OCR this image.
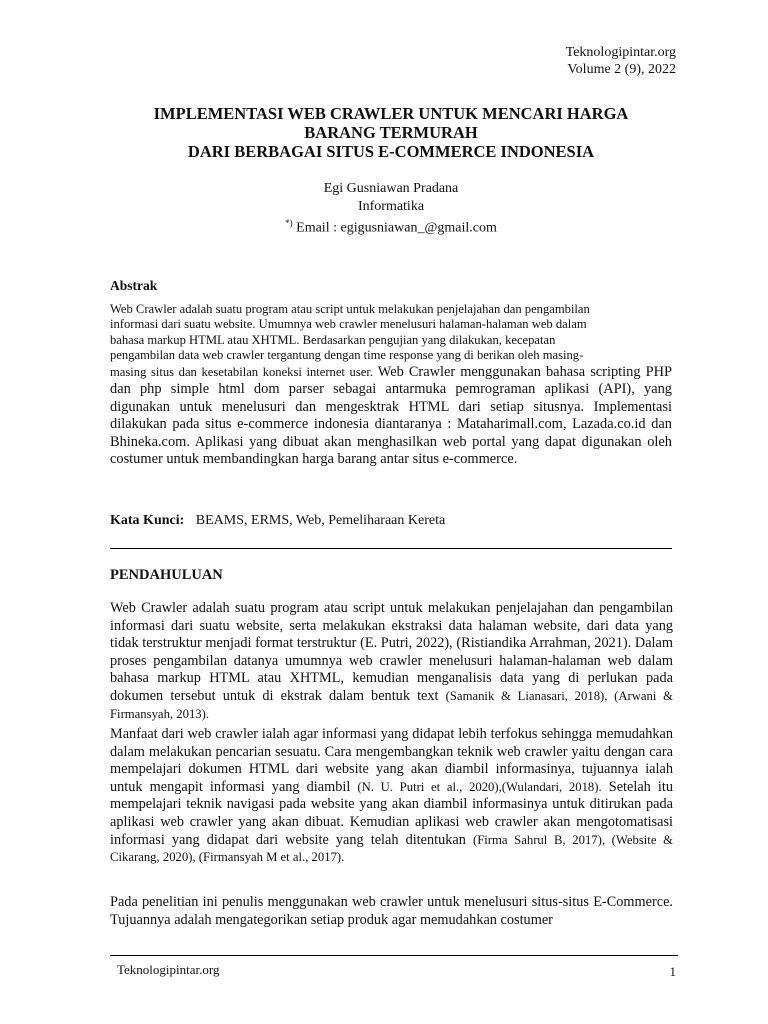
Teknologipintar.org
Volume 2 (9), 2022
IMPLEMENTASI WEB CRAWLER UNTUK MENCARI HARGA
BARANG TERMURAH
DARI BERBAGAI SITUS E-COMMERCE INDONESIA
Egi Gusniawan Pradana
Informatika
*) Email : egigusniawan_@gmail.com
Abstrak
Web Crawler adalah suatu program atau script untuk melakukan penjelajahan dan pengambilan
informasi dari suatu website. Umumnya web crawler menelusuri halaman-halaman web dalam
bahasa markup HTML atau XHTML. Berdasarkan pengujian yang dilakukan, kecepatan
pengambilan data web crawler tergantung dengan time response yang di berikan oleh masing-
masing situs dan kesetabilan koneksi internet user. Web Crawler menggunakan bahasa scripting PHP dan php simple html dom parser sebagai antarmuka pemrograman aplikasi (API), yang digunakan untuk menelusuri dan mengesktrak HTML dari setiap situsnya. Implementasi dilakukan pada situs e-commerce indonesia diantaranya : Mataharimall.com, Lazada.co.id dan Bhineka.com. Aplikasi yang dibuat akan menghasilkan web portal yang dapat digunakan oleh costumer untuk membandingkan harga barang antar situs e-commerce.
Kata Kunci: BEAMS, ERMS, Web, Pemeliharaan Kereta
PENDAHULUAN
Web Crawler adalah suatu program atau script untuk melakukan penjelajahan dan pengambilan informasi dari suatu website, serta melakukan ekstraksi data halaman website, dari data yang tidak terstruktur menjadi format terstruktur (E. Putri, 2022), (Ristiandika Arrahman, 2021). Dalam proses pengambilan datanya umumnya web crawler menelusuri halaman-halaman web dalam bahasa markup HTML atau XHTML, kemudian menganalisis data yang di perlukan pada dokumen tersebut untuk di ekstrak dalam bentuk text (Samanik & Lianasari, 2018), (Arwani & Firmansyah, 2013).
Manfaat dari web crawler ialah agar informasi yang didapat lebih terfokus sehingga memudahkan dalam melakukan pencarian sesuatu. Cara mengembangkan teknik web crawler yaitu dengan cara mempelajari dokumen HTML dari website yang akan diambil informasinya, tujuannya ialah untuk mengapit informasi yang diambil (N. U. Putri et al., 2020),(Wulandari, 2018). Setelah itu mempelajari teknik navigasi pada website yang akan diambil informasinya untuk ditirukan pada aplikasi web crawler yang akan dibuat. Kemudian aplikasi web crawler akan mengotomatisasi informasi yang didapat dari website yang telah ditentukan (Firma Sahrul B, 2017), (Website & Cikarang, 2020), (Firmansyah M et al., 2017).
Pada penelitian ini penulis menggunakan web crawler untuk menelusuri situs-situs E-Commerce. Tujuannya adalah mengategorikan setiap produk agar memudahkan costumer
Teknologipintar.org	1
